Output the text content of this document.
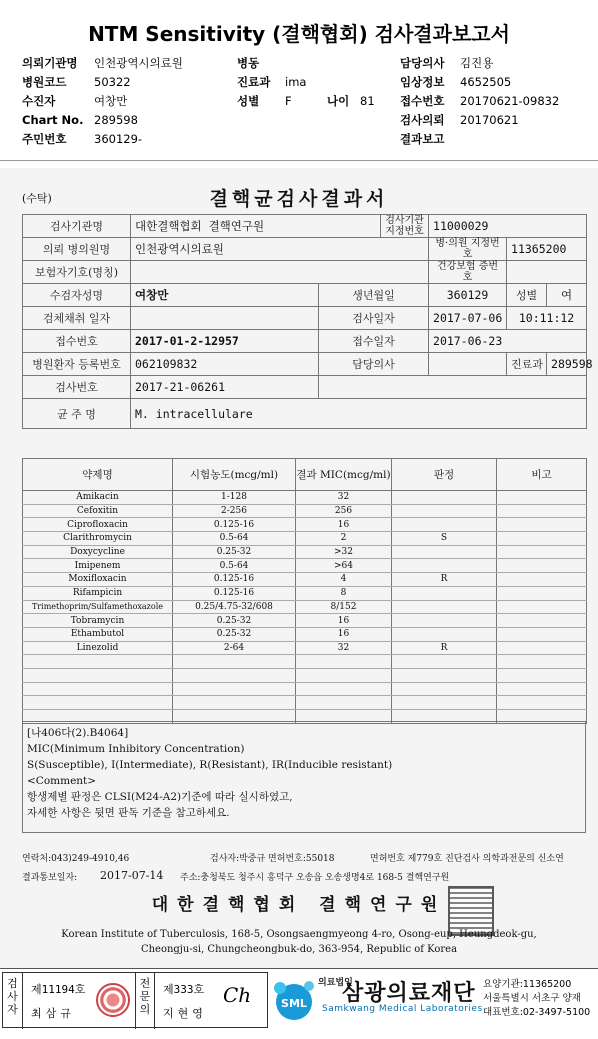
NTM Sensitivity (결핵협회) 검사결과보고서
의뢰기관명 인천광역시의료원	병동	담당의사 김진용
병원코드 50322	진료과 ima	임상정보 4652505
수진자	여창만	성별 F	나이 81 접수번호 20170621-09832
Chart No. 289598	검사의뢰 20170621
주민번호 360129-	결과보고
(수탁)	결핵균검사결과서
검사기관명	대한결핵협회 결핵연구원		검사기관 지정번호	11000029		
의뢰 병의원명	인천광역시의료원			병·의원 지정번호	11365200	
보험자기호(명칭)				건강보험 증번호		
수검자성명	여창만	생년월일		360129	성별	여
검체채취 일자		검사일자		2017-07-06	10:11:12	
접수번호	2017-01-2-12957	접수일자		2017-06-23		
병원환자 등록번호	062109832	담당의사			진료과	289598
검사번호	2017-21-06261					
균 주 명	M. intracellulare					
약제명	시험농도(mcg/ml)	결과 MIC(mcg/ml)	판정	비고
Amikacin	1-128	32		
Cefoxitin	2-256	256		
Ciprofloxacin	0.125-16	16		
Clarithromycin	0.5-64	2	S	
Doxycycline	0.25-32	>32		
Imipenem	0.5-64	>64		
Moxifloxacin	0.125-16	4	R	
Rifampicin	0.125-16	8		
Trimethoprim/Sulfamethoxazole	0.25/4.75-32/608	8/152		
Tobramycin	0.25-32	16		
Ethambutol	0.25-32	16		
Linezolid	2-64	32	R	

[나406다(2).B4064]
MIC(Minimum Inhibitory Concentration)
S(Susceptible), I(Intermediate), R(Resistant), IR(Inducible resistant)
<Comment>
항생제별 판정은 CLSI(M24-A2)기준에 따라 실시하였고,
자세한 사항은 뒷면 판독 기준을 참고하세요.
연락처:043)249-4910,46	검사자:박중규 면허번호:55018	면허번호 제779호 진단검사 의학과전문의 신소연
결과통보일자: 2017-07-14 주소:충청북도 청주시 흥덕구 오송읍 오송생명4로 168-5 결핵연구원
대한결핵협회 결핵연구원
Korean Institute of Tuberculosis, 168-5, Osongsaengmyeong 4-ro, Osong-eup, Heungdeok-gu,
Cheongju-si, Chungcheongbuk-do, 363-954, Republic of Korea
검
사
자
제11194호
최삼규
전
문
의
제333호
지현영
Ch	SML
의료법인
삼광의료재단
Samkwang Medical Laboratories
요양기관:11365200
서울특별시 서초구 양재
대표번호:02-3497-5100
